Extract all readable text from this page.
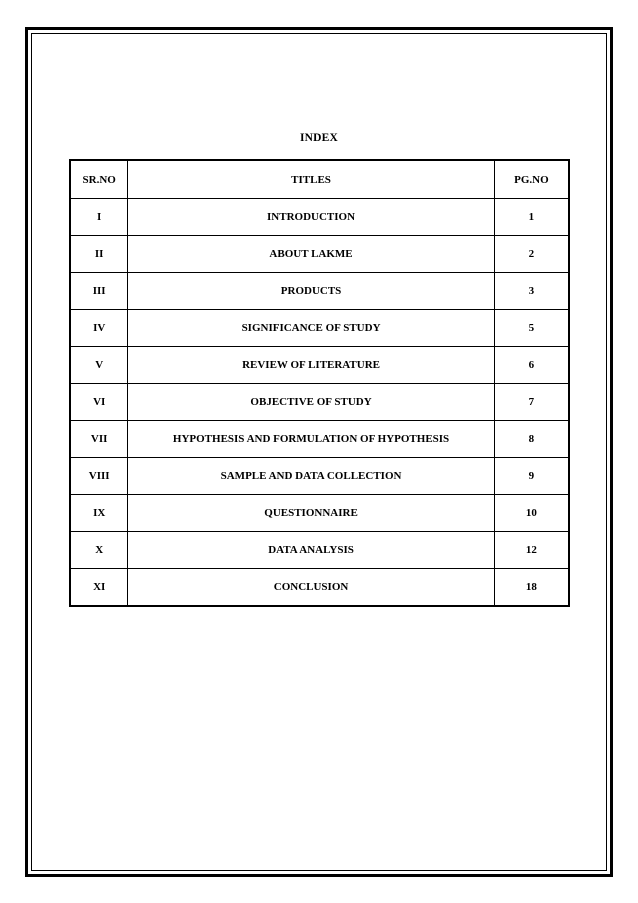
INDEX
SR.NO	TITLES	PG.NO
I	INTRODUCTION	1
II	ABOUT LAKME	2
III	PRODUCTS	3
IV	SIGNIFICANCE OF STUDY	5
V	REVIEW OF LITERATURE	6
VI	OBJECTIVE OF STUDY	7
VII	HYPOTHESIS AND FORMULATION OF HYPOTHESIS	8
VIII	SAMPLE AND DATA COLLECTION	9
IX	QUESTIONNAIRE	10
X	DATA ANALYSIS	12
XI	CONCLUSION	18
